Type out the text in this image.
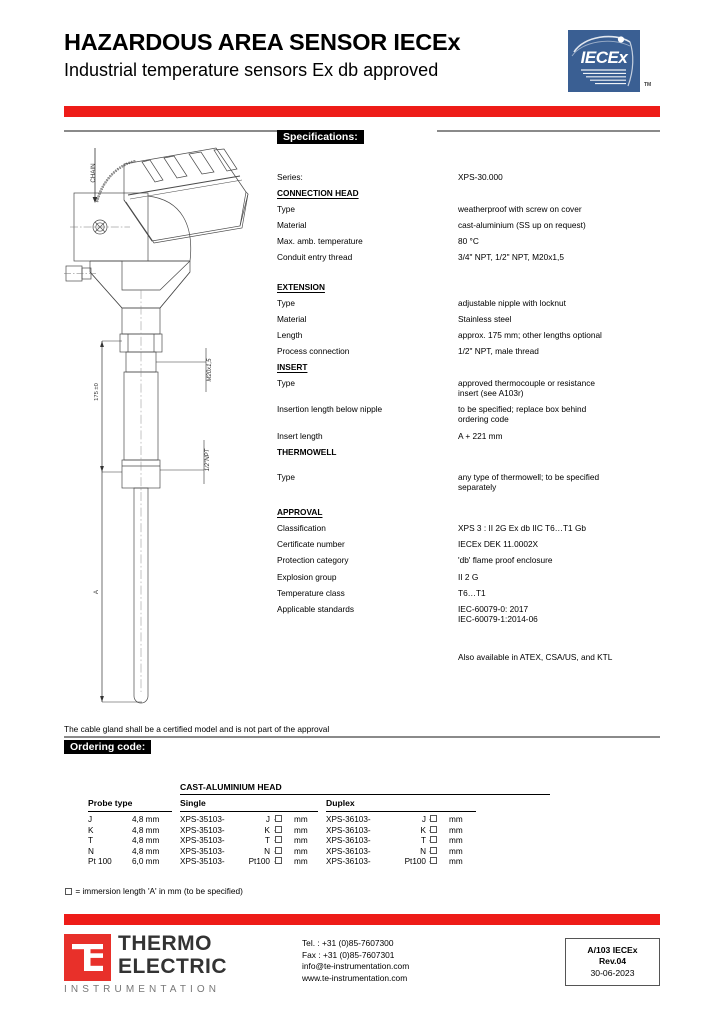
HAZARDOUS AREA SENSOR IECEx
Industrial temperature sensors Ex db approved
IECEx
TM
CHAIN
175 ±0
A
M20x1,5
1/2"NPT
Specifications:
Series:	XPS-30.000
CONNECTION HEAD
Type	weatherproof with screw on cover
Material	cast-aluminium (SS up on request)
Max. amb. temperature	80 °C
Conduit entry thread	3/4" NPT, 1/2" NPT, M20x1,5
EXTENSION
Type	adjustable nipple with locknut
Material	Stainless steel
Length	approx. 175 mm; other lengths optional
Process connection	1/2" NPT, male thread
INSERT
Type	approved thermocouple or resistance
insert (see A103r)
Insertion length below nipple	to be specified; replace box behind
ordering code
Insert length	A + 221 mm
THERMOWELL
Type	any type of thermowell; to be specified
separately
APPROVAL
Classification	XPS 3 : II 2G Ex db IIC T6…T1 Gb
Certificate number	IECEx DEK 11.0002X
Protection category	'db' flame proof enclosure
Explosion group	II 2 G
Temperature class	T6…T1
Applicable standards	IEC-60079-0: 2017
IEC-60079-1:2014-06
Also available in ATEX, CSA/US, and KTL
The cable gland shall be a certified model and is not part of the approval
Ordering code:
CAST-ALUMINIUM HEAD
Probe type	Single	Duplex
J	4,8 mm	XPS-35103-	J	mm XPS-36103-	J	mm
K	4,8 mm	XPS-35103-	K	mm XPS-36103-	K	mm
T	4,8 mm	XPS-35103-	T	mm XPS-36103-	T	mm
N	4,8 mm	XPS-35103-	N	mm XPS-36103-	N	mm
Pt 100 6,0 mm	XPS-35103-	Pt100	mm XPS-36103-	Pt100	mm
= immersion length 'A' in mm (to be specified)
THERMO
ELECTRIC
INSTRUMENTATION
Tel. : +31 (0)85-7607300
Fax : +31 (0)85-7607301
info@te-instrumentation.com
www.te-instrumentation.com
A/103 IECEx
Rev.04
30-06-2023
